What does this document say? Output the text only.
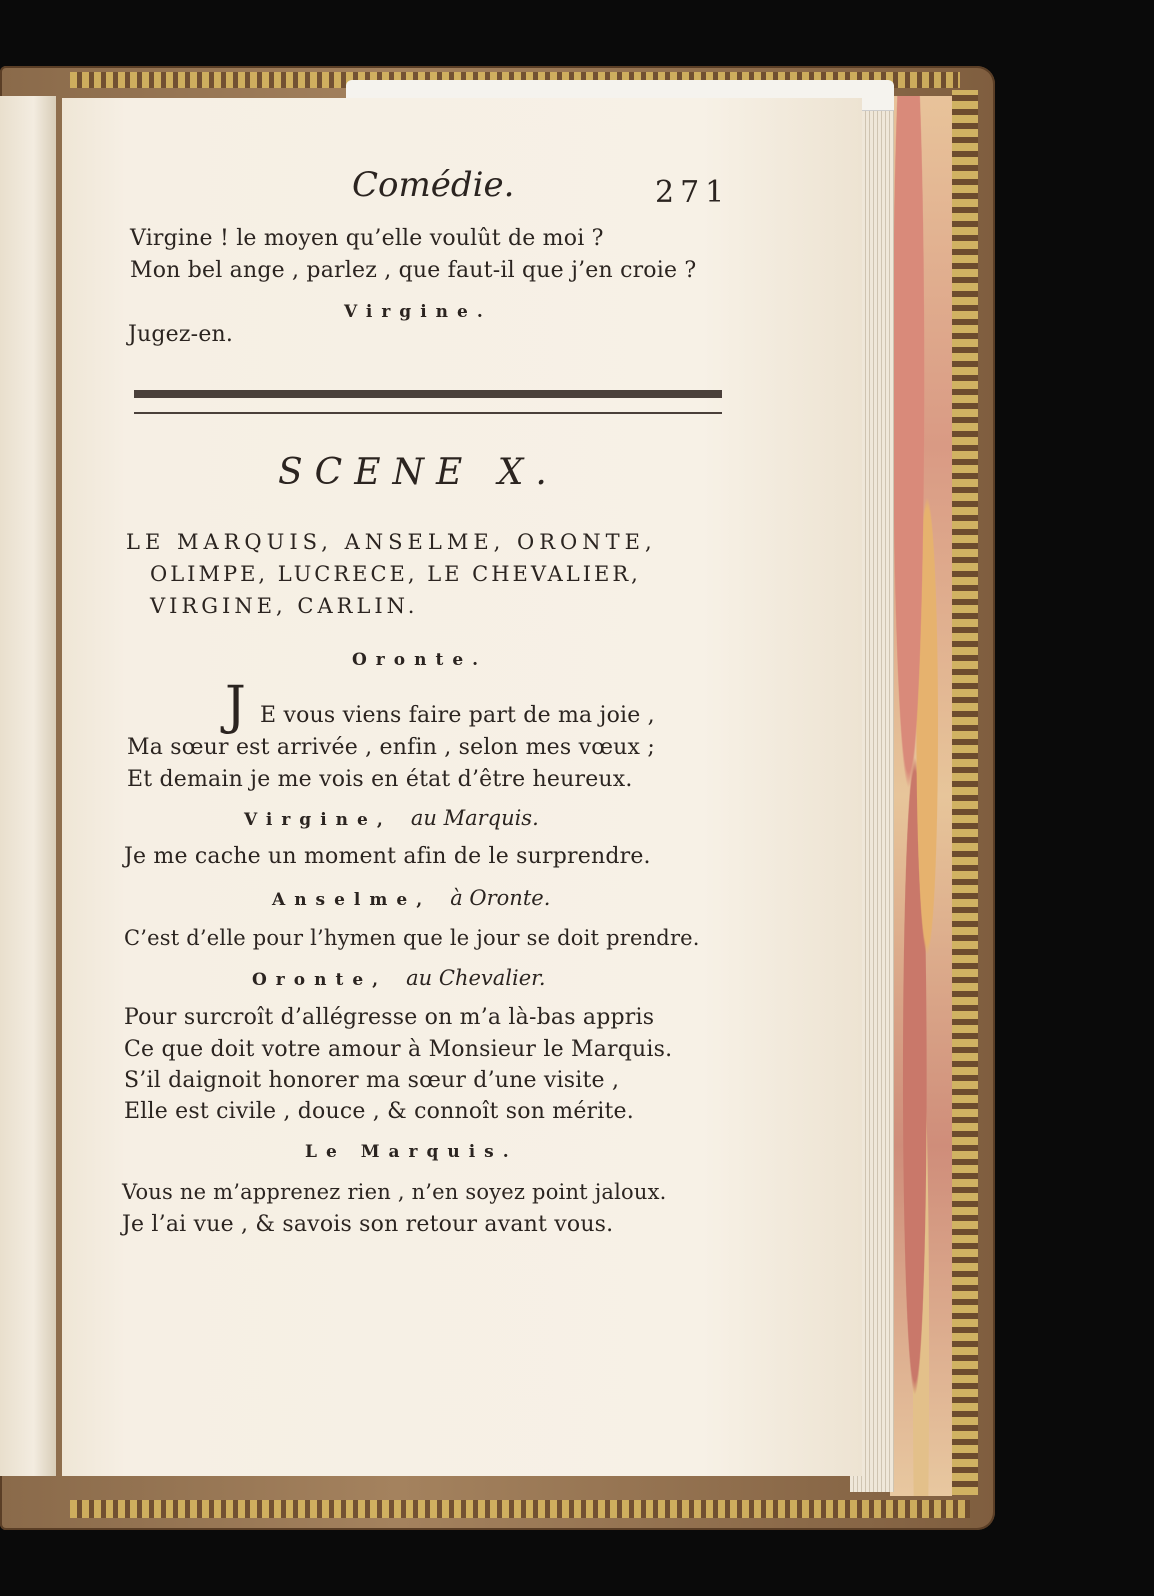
Comédie.	271
Virgine ! le moyen qu’elle voulût de moi ?
Mon bel ange , parlez , que faut-il que j’en croie ?
Virgine.
Jugez-en.
SCENE X.
LE MARQUIS, ANSELME, ORONTE,
OLIMPE, LUCRECE, LE CHEVALIER,
VIRGINE, CARLIN.
Oronte.
J E vous viens faire part de ma joie ,
Ma sœur est arrivée , enfin , selon mes vœux ;
Et demain je me vois en état d’être heureux.
Virgine, au Marquis.
Je me cache un moment afin de le surprendre.
Anselme, à Oronte.
C’est d’elle pour l’hymen que le jour se doit prendre.
Oronte, au Chevalier.
Pour surcroît d’allégresse on m’a là-bas appris
Ce que doit votre amour à Monsieur le Marquis.
S’il daignoit honorer ma sœur d’une visite ,
Elle est civile , douce , & connoît son mérite.
Le Marquis.
Vous ne m’apprenez rien , n’en soyez point jaloux.
Je l’ai vue , & savois son retour avant vous.
